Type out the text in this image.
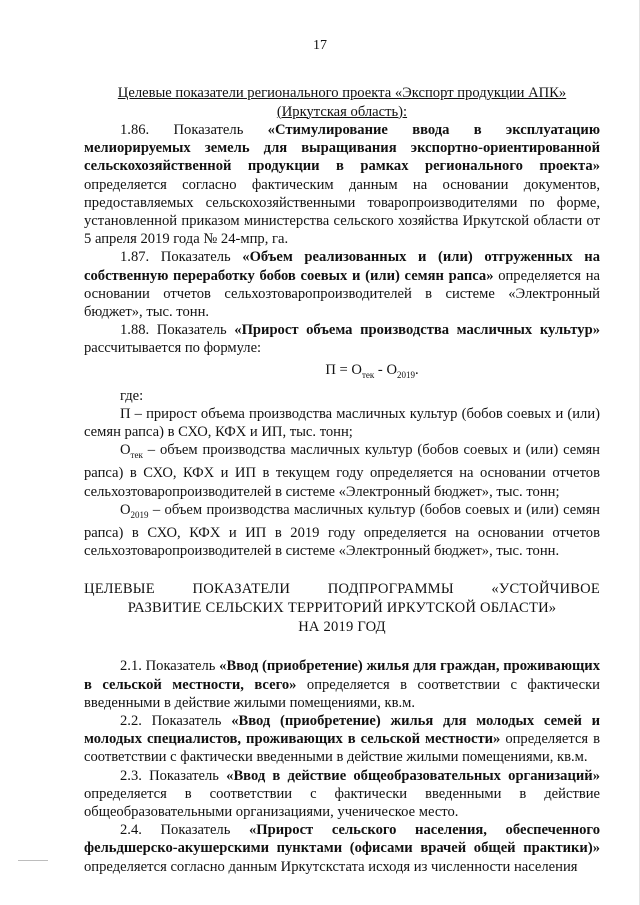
17

Целевые показатели регионального проекта «Экспорт продукции АПК»
(Иркутская область):

1.86. Показатель «Стимулирование ввода в эксплуатацию мелиорируемых земель для выращивания экспортно-ориентированной сельскохозяйственной продукции в рамках регионального проекта» определяется согласно фактическим данным на основании документов, предоставляемых сельскохозяйственными товаропроизводителями по форме, установленной приказом министерства сельского хозяйства Иркутской области от 5 апреля 2019 года № 24-мпр, га.

1.87. Показатель «Объем реализованных и (или) отгруженных на собственную переработку бобов соевых и (или) семян рапса» определяется на основании отчетов сельхозтоваропроизводителей в системе «Электронный бюджет», тыс. тонн.

1.88. Показатель «Прирост объема производства масличных культур» рассчитывается по формуле:

$П = О_{тек} - О_{2019}$.

где:

П – прирост объема производства масличных культур (бобов соевых и (или) семян рапса) в СХО, КФХ и ИП, тыс. тонн;

$О_{тек}$ – объем производства масличных культур (бобов соевых и (или) семян рапса) в СХО, КФХ и ИП в текущем году определяется на основании отчетов сельхозтоваропроизводителей в системе «Электронный бюджет», тыс. тонн;

$О_{2019}$ – объем производства масличных культур (бобов соевых и (или) семян рапса) в СХО, КФХ и ИП в 2019 году определяется на основании отчетов сельхозтоваропроизводителей в системе «Электронный бюджет», тыс. тонн.

ЦЕЛЕВЫЕ ПОКАЗАТЕЛИ ПОДПРОГРАММЫ «УСТОЙЧИВОЕ
РАЗВИТИЕ СЕЛЬСКИХ ТЕРРИТОРИЙ ИРКУТСКОЙ ОБЛАСТИ»
НА 2019 ГОД

2.1. Показатель «Ввод (приобретение) жилья для граждан, проживающих в сельской местности, всего» определяется в соответствии с фактически введенными в действие жилыми помещениями, кв.м.

2.2. Показатель «Ввод (приобретение) жилья для молодых семей и молодых специалистов, проживающих в сельской местности» определяется в соответствии с фактически введенными в действие жилыми помещениями, кв.м.

2.3. Показатель «Ввод в действие общеобразовательных организаций» определяется в соответствии с фактически введенными в действие общеобразовательными организациями, ученическое место.

2.4. Показатель «Прирост сельского населения, обеспеченного фельдшерско-акушерскими пунктами (офисами врачей общей практики)» определяется согласно данным Иркутскстата исходя из численности населения
